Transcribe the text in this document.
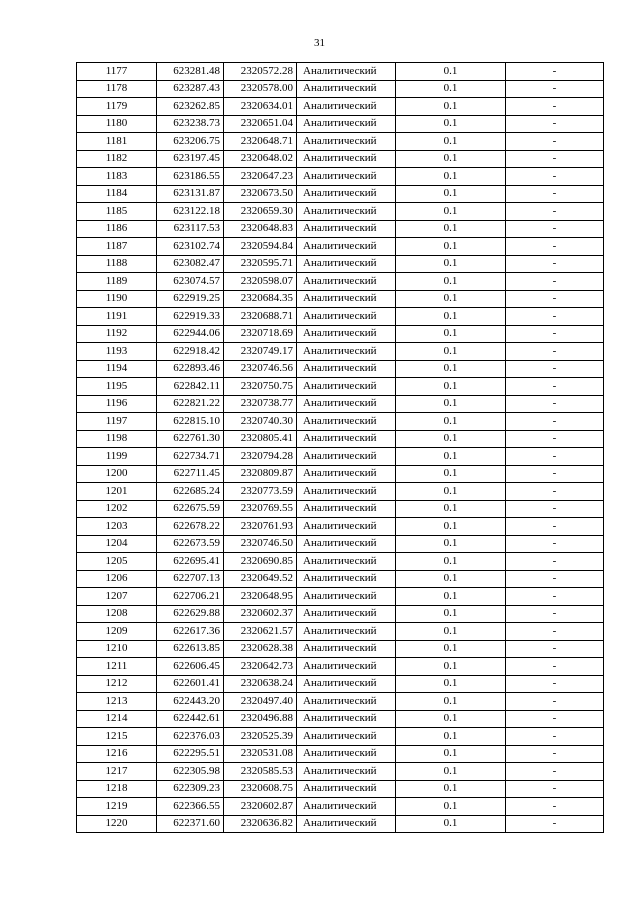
31
1177	623281.48	2320572.28	Аналитический	0.1	-
1178	623287.43	2320578.00	Аналитический	0.1	-
1179	623262.85	2320634.01	Аналитический	0.1	-
1180	623238.73	2320651.04	Аналитический	0.1	-
1181	623206.75	2320648.71	Аналитический	0.1	-
1182	623197.45	2320648.02	Аналитический	0.1	-
1183	623186.55	2320647.23	Аналитический	0.1	-
1184	623131.87	2320673.50	Аналитический	0.1	-
1185	623122.18	2320659.30	Аналитический	0.1	-
1186	623117.53	2320648.83	Аналитический	0.1	-
1187	623102.74	2320594.84	Аналитический	0.1	-
1188	623082.47	2320595.71	Аналитический	0.1	-
1189	623074.57	2320598.07	Аналитический	0.1	-
1190	622919.25	2320684.35	Аналитический	0.1	-
1191	622919.33	2320688.71	Аналитический	0.1	-
1192	622944.06	2320718.69	Аналитический	0.1	-
1193	622918.42	2320749.17	Аналитический	0.1	-
1194	622893.46	2320746.56	Аналитический	0.1	-
1195	622842.11	2320750.75	Аналитический	0.1	-
1196	622821.22	2320738.77	Аналитический	0.1	-
1197	622815.10	2320740.30	Аналитический	0.1	-
1198	622761.30	2320805.41	Аналитический	0.1	-
1199	622734.71	2320794.28	Аналитический	0.1	-
1200	622711.45	2320809.87	Аналитический	0.1	-
1201	622685.24	2320773.59	Аналитический	0.1	-
1202	622675.59	2320769.55	Аналитический	0.1	-
1203	622678.22	2320761.93	Аналитический	0.1	-
1204	622673.59	2320746.50	Аналитический	0.1	-
1205	622695.41	2320690.85	Аналитический	0.1	-
1206	622707.13	2320649.52	Аналитический	0.1	-
1207	622706.21	2320648.95	Аналитический	0.1	-
1208	622629.88	2320602.37	Аналитический	0.1	-
1209	622617.36	2320621.57	Аналитический	0.1	-
1210	622613.85	2320628.38	Аналитический	0.1	-
1211	622606.45	2320642.73	Аналитический	0.1	-
1212	622601.41	2320638.24	Аналитический	0.1	-
1213	622443.20	2320497.40	Аналитический	0.1	-
1214	622442.61	2320496.88	Аналитический	0.1	-
1215	622376.03	2320525.39	Аналитический	0.1	-
1216	622295.51	2320531.08	Аналитический	0.1	-
1217	622305.98	2320585.53	Аналитический	0.1	-
1218	622309.23	2320608.75	Аналитический	0.1	-
1219	622366.55	2320602.87	Аналитический	0.1	-
1220	622371.60	2320636.82	Аналитический	0.1	-
